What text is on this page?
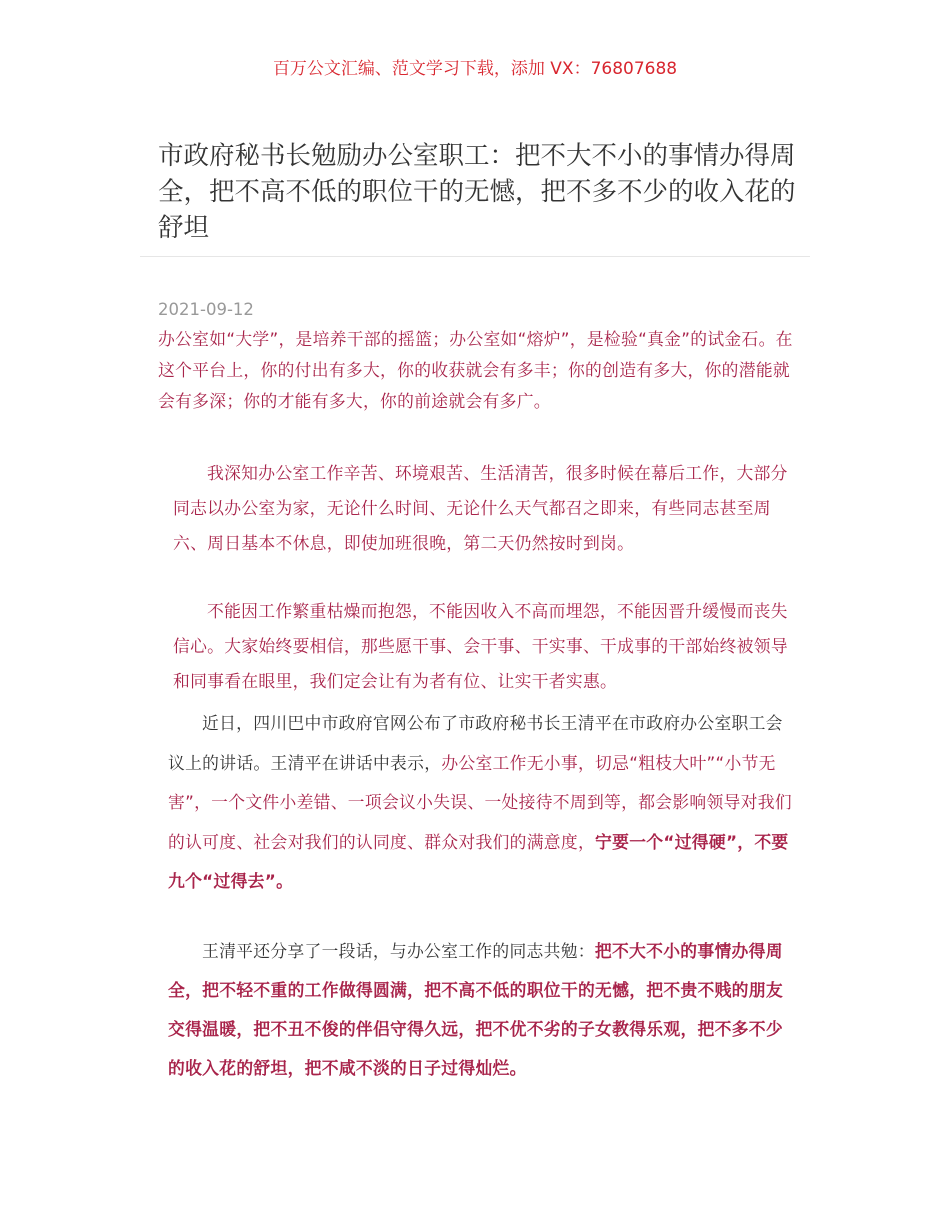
百万公文汇编、范文学习下载，添加 VX：76807688
市政府秘书长勉励办公室职工：把不大不小的事情办得周全，把不高不低的职位干的无憾，把不多不少的收入花的舒坦
2021-09-12

办公室如“大学”，是培养干部的摇篮；办公室如“熔炉”，是检验“真金”的试金石。在这个平台上，你的付出有多大，你的收获就会有多丰；你的创造有多大，你的潜能就会有多深；你的才能有多大，你的前途就会有多广。

我深知办公室工作辛苦、环境艰苦、生活清苦，很多时候在幕后工作，大部分同志以办公室为家，无论什么时间、无论什么天气都召之即来，有些同志甚至周六、周日基本不休息，即使加班很晚，第二天仍然按时到岗。

不能因工作繁重枯燥而抱怨，不能因收入不高而埋怨，不能因晋升缓慢而丧失信心。大家始终要相信，那些愿干事、会干事、干实事、干成事的干部始终被领导和同事看在眼里，我们定会让有为者有位、让实干者实惠。

近日，四川巴中市政府官网公布了市政府秘书长王清平在市政府办公室职工会议上的讲话。王清平在讲话中表示，办公室工作无小事，切忌“粗枝大叶”“小节无害”，一个文件小差错、一项会议小失误、一处接待不周到等，都会影响领导对我们的认可度、社会对我们的认同度、群众对我们的满意度，宁要一个“过得硬”，不要九个“过得去”。

王清平还分享了一段话，与办公室工作的同志共勉：把不大不小的事情办得周全，把不轻不重的工作做得圆满，把不高不低的职位干的无憾，把不贵不贱的朋友交得温暖，把不丑不俊的伴侣守得久远，把不优不劣的子女教得乐观，把不多不少的收入花的舒坦，把不咸不淡的日子过得灿烂。
